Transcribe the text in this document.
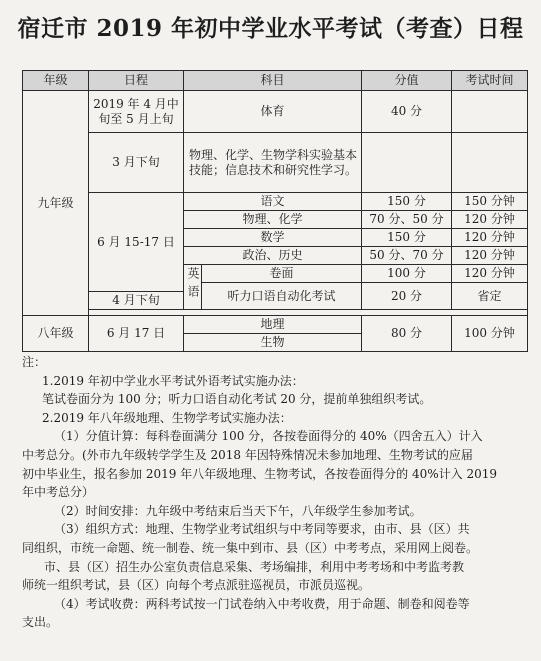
宿迁市 2019 年初中学业水平考试（考查）日程
年级	日程	科目		分值	考试时间
九年级	2019 年 4 月中旬至 5 月上旬	体育		40 分	
	3 月下旬	物理、化学、生物学科实验基本技能；信息技术和研究性学习。			
	6 月 15-17 日	语文		150 分	150 分钟
		物理、化学		70 分、50 分	120 分钟
		数学		150 分	120 分钟
		政治、历史		50 分、70 分	120 分钟
		英语	卷面	100 分	120 分钟
			听力口语自动化考试	20 分	省定
	4 月下旬				

八年级	6 月 17 日	地理		80 分	100 分钟
		生物			

注：

1.2019 年初中学业水平考试外语考试实施办法：

笔试卷面分为 100 分；听力口语自动化考试 20 分，提前单独组织考试。

2.2019 年八年级地理、生物学考试实施办法：

（1）分值计算：每科卷面满分 100 分，各按卷面得分的 40%（四舍五入）计入

中考总分。(外市九年级转学学生及 2018 年因特殊情况未参加地理、生物考试的应届

初中毕业生，报名参加 2019 年八年级地理、生物考试，各按卷面得分的 40%计入 2019

年中考总分）

（2）时间安排：九年级中考结束后当天下午，八年级学生参加考试。

（3）组织方式：地理、生物学业考试组织与中考同等要求，由市、县（区）共

同组织，市统一命题、统一制卷、统一集中到市、县（区）中考考点，采用网上阅卷。

市、县（区）招生办公室负责信息采集、考场编排，利用中考考场和中考监考教

师统一组织考试，县（区）向每个考点派驻巡视员，市派员巡视。

（4）考试收费：两科考试按一门试卷纳入中考收费，用于命题、制卷和阅卷等

支出。
